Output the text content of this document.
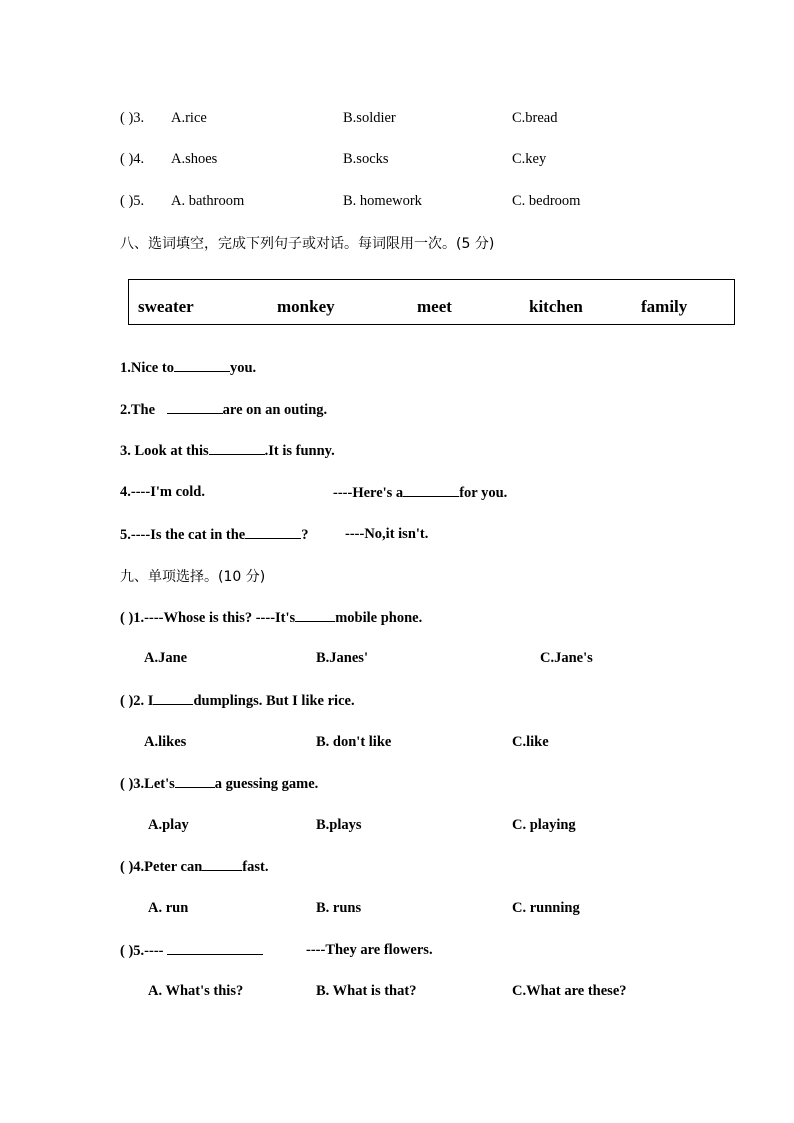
( )3. A.rice	B.soldier	C.bread
( )4. A.shoes	B.socks	C.key
( )5. A. bathroom	B. homework	C. bedroom
八、选词填空，完成下列句子或对话。每词限用一次。(5 分)
sweater	monkey	meet	kitchen	family
1.Nice to	you.
2.The	are on an outing.
3. Look at this	.It is funny.
4.----I'm cold.	----Here's a	for you.
5.----Is the cat in the	?	----No,it isn't.
九、单项选择。(10 分)
( )1.----Whose is this? ----It's	mobile phone.
A.Jane	B.Janes'	C.Jane's
( )2. I	dumplings. But I like rice.
A.likes	B. don't like	C.like
( )3.Let's	a guessing game.
A.play	B.plays	C. playing
( )4.Peter can	fast.
A. run	B. runs	C. running
( )5.----	----They are flowers.
A. What's this?	B. What is that?	C.What are these?
